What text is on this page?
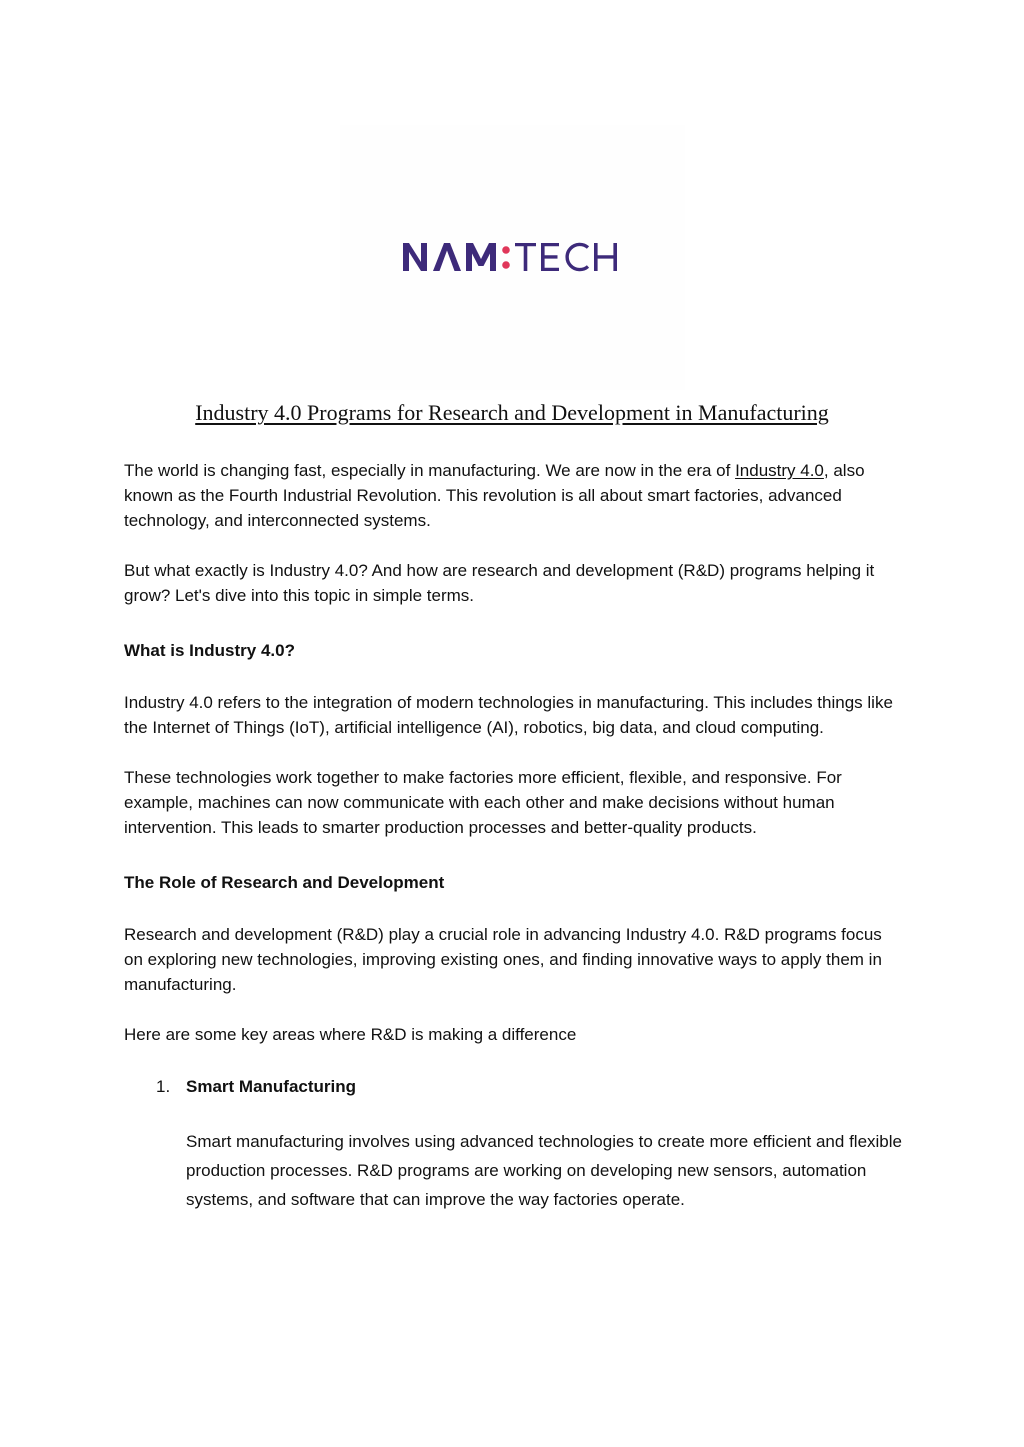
Industry 4.0 Programs for Research and Development in Manufacturing

The world is changing fast, especially in manufacturing. We are now in the era of Industry 4.0, also known as the Fourth Industrial Revolution. This revolution is all about smart factories, advanced technology, and interconnected systems.

But what exactly is Industry 4.0? And how are research and development (R&D) programs helping it grow? Let's dive into this topic in simple terms.

What is Industry 4.0?

Industry 4.0 refers to the integration of modern technologies in manufacturing. This includes things like the Internet of Things (IoT), artificial intelligence (AI), robotics, big data, and cloud computing.

These technologies work together to make factories more efficient, flexible, and responsive. For example, machines can now communicate with each other and make decisions without human intervention. This leads to smarter production processes and better-quality products.

The Role of Research and Development

Research and development (R&D) play a crucial role in advancing Industry 4.0. R&D programs focus on exploring new technologies, improving existing ones, and finding innovative ways to apply them in manufacturing.

Here are some key areas where R&D is making a difference

1. Smart Manufacturing

Smart manufacturing involves using advanced technologies to create more efficient and flexible production processes. R&D programs are working on developing new sensors, automation systems, and software that can improve the way factories operate.
